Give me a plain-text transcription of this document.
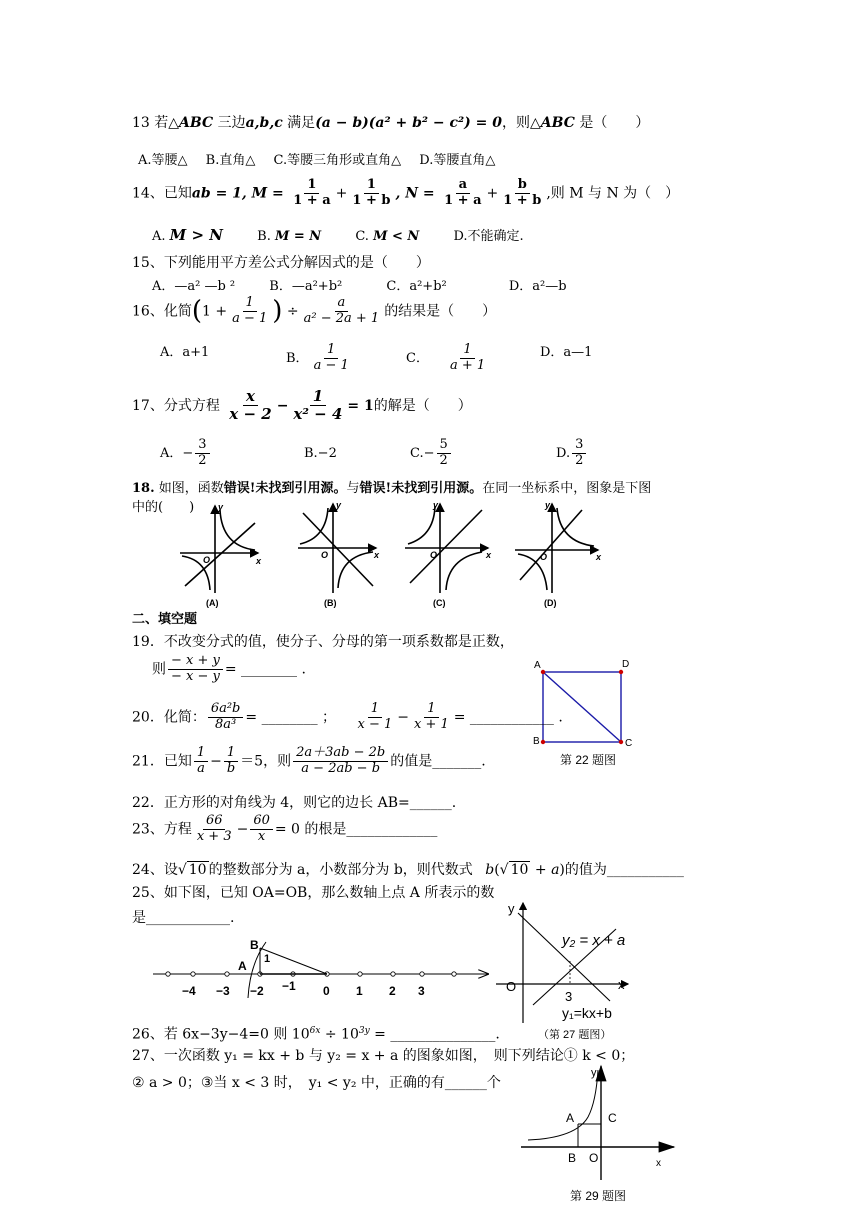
13 若△ABC 三边a,b,c 满足(a − b)(a² + b² − c²) = 0，则△ABC 是（　　）
A.等腰△ B.直角△ C.等腰三角形或直角△ D.等腰直角△
14、已知ab = 1, $M = \frac{1}{1 + a} + \frac{1}{1 + b}$ , $N = \frac{a}{1 + a} + \frac{b}{1 + b}$ ,则 M 与 N 为（　）
A. M > N	B. M = N	C. M < N	D.不能确定.
15、下列能用平方差公式分解因式的是（　　）
A．—a² —b ²	B．—a²+b²	C．a²+b²	D．a²—b
16、化简($1 + \frac{1}{a - 1}$ ) ÷ $\frac{a}{\text{a² − 2a + 1}}$ 的结果是（　　）
A．a+1	B． $\frac{1}{a - 1}$	C． $\frac{1}{a + 1}$	D．a—1
17、分式方程 $\frac{x}{x - 2} - \frac{1}{\text{x² − 4}} = 1$的解是（　　）
A．− $\frac{3}{2}$	B.−2	$C.- \frac{5}{2}$	D. $\frac{3}{2}$
18. 如图，函数错误!未找到引用源。与错误!未找到引用源。在同一坐标系中，图象是下图
中的(　　)	y
x
O
(A)
y
x
O
(B)
y
x
O
(C)
y
x
O
(D)
二、填空题
19．不改变分式的值，使分子、分母的第一项系数都是正数，
则 $\frac{- x + y}{- x - y}$ = ________ .	A	D
B	C
第 22 题图
20．化简： $\frac{\text{6a²b}}{\text{8a³}}$ = ________ ； $\frac{1}{x - 1} - \frac{1}{x + 1}$ = ____________ .
21．已知 $\frac{1}{a} - \frac{1}{b} =5$，则 $\frac{2a+3ab - 2b}{a - 2ab - b}$ 的值是_______.
22．正方形的对角线为 4，则它的边长 AB=______.
23、方程 $\frac{66}{x + 3} - \frac{60}{x} = 0$ 的根是_____________
24、设√ 10 的整数部分为 a，小数部分为 b，则代数式 b(√ 10 + a)的值为___________
25、如下图，已知 OA=OB，那么数轴上点 A 所表示的数
是____________.
y
x
O
3
y₂ = x + a
y₁=kx+b
（第 27 题图）
B
A 1
−4 −3 −2 −1 0 1 2 3
26、若 6x−3y−4=0 则 $10^{6x} \div 10^{3y}$ = _______________.
27、一次函数 y₁ = kx + b 与 y₂ = x + a 的图象如图，　则下列结论① k < 0；
② a > 0；③当 x < 3 时，　y₁ < y₂ 中，正确的有______个
y
A	C
B O	x
第 29 题图
